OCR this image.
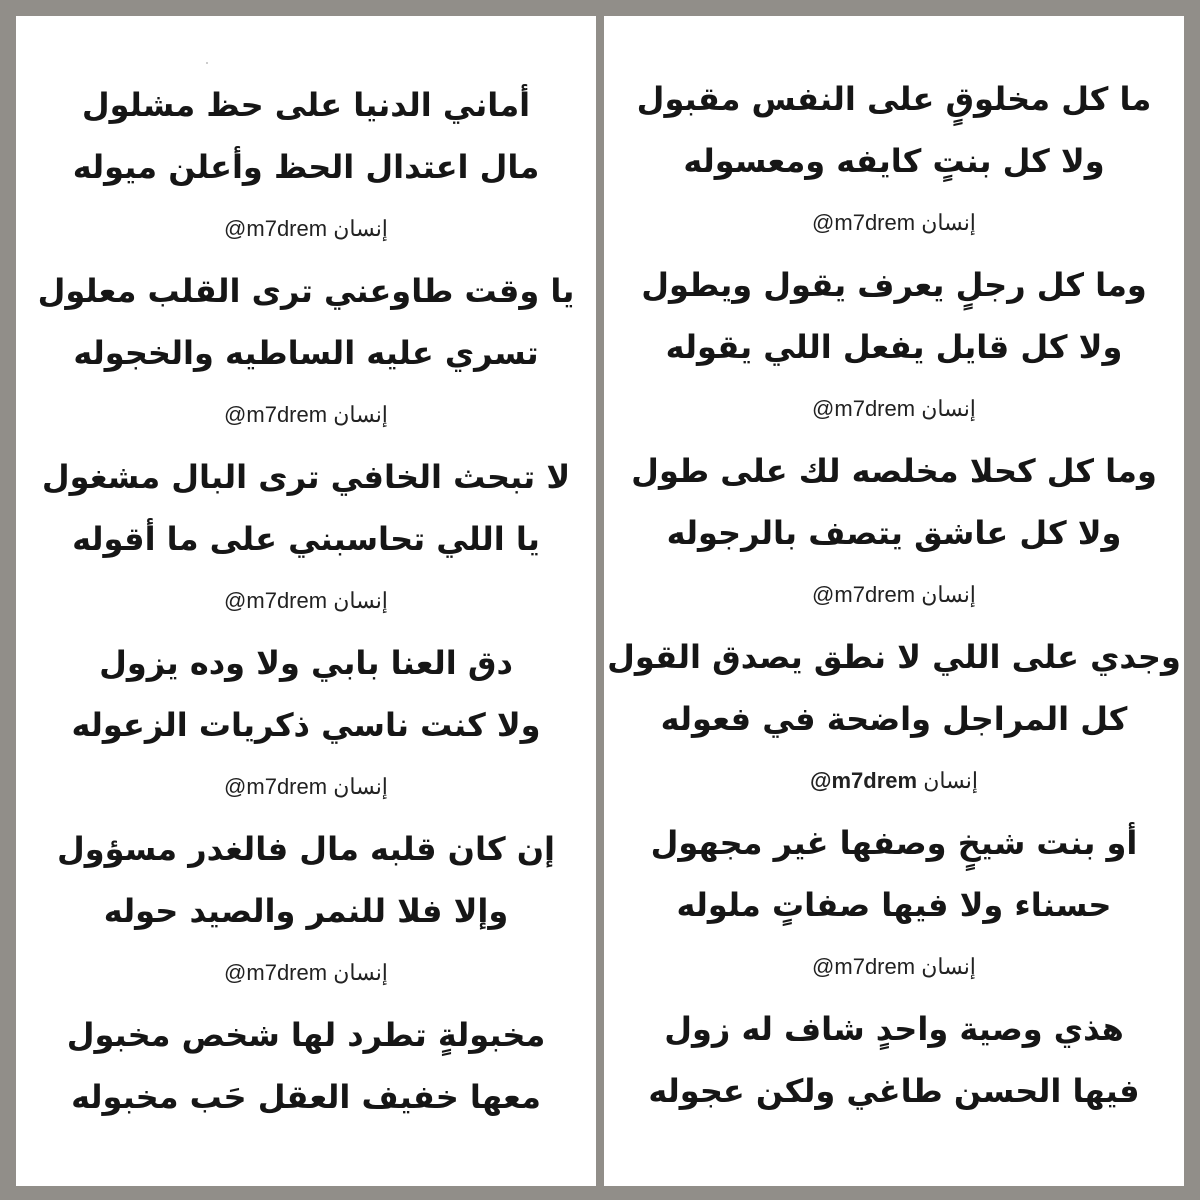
أماني الدنيا على حظ مشلول
مال اعتدال الحظ وأعلن ميوله
إنسان @m7drem
يا وقت طاوعني ترى القلب معلول
تسري عليه الساطيه والخجوله
إنسان @m7drem
لا تبحث الخافي ترى البال مشغول
يا اللي تحاسبني على ما أقوله
إنسان @m7drem
دق العنا بابي ولا وده يزول
ولا كنت ناسي ذكريات الزعوله
إنسان @m7drem
إن كان قلبه مال فالغدر مسؤول
وإلا فلا للنمر والصيد حوله
إنسان @m7drem
مخبولةٍ تطرد لها شخص مخبول
معها خفيف العقل حَب مخبوله
ما كل مخلوقٍ على النفس مقبول
ولا كل بنتٍ كايفه ومعسوله
إنسان @m7drem
وما كل رجلٍ يعرف يقول ويطول
ولا كل قايل يفعل اللي يقوله
إنسان @m7drem
وما كل كحلا مخلصه لك على طول
ولا كل عاشق يتصف بالرجوله
إنسان @m7drem
وجدي على اللي لا نطق يصدق القول
كل المراجل واضحة في فعوله
إنسان @m7drem
أو بنت شيخٍ وصفها غير مجهول
حسناء ولا فيها صفاتٍ ملوله
إنسان @m7drem
هذي وصية واحدٍ شاف له زول
فيها الحسن طاغي ولكن عجوله
